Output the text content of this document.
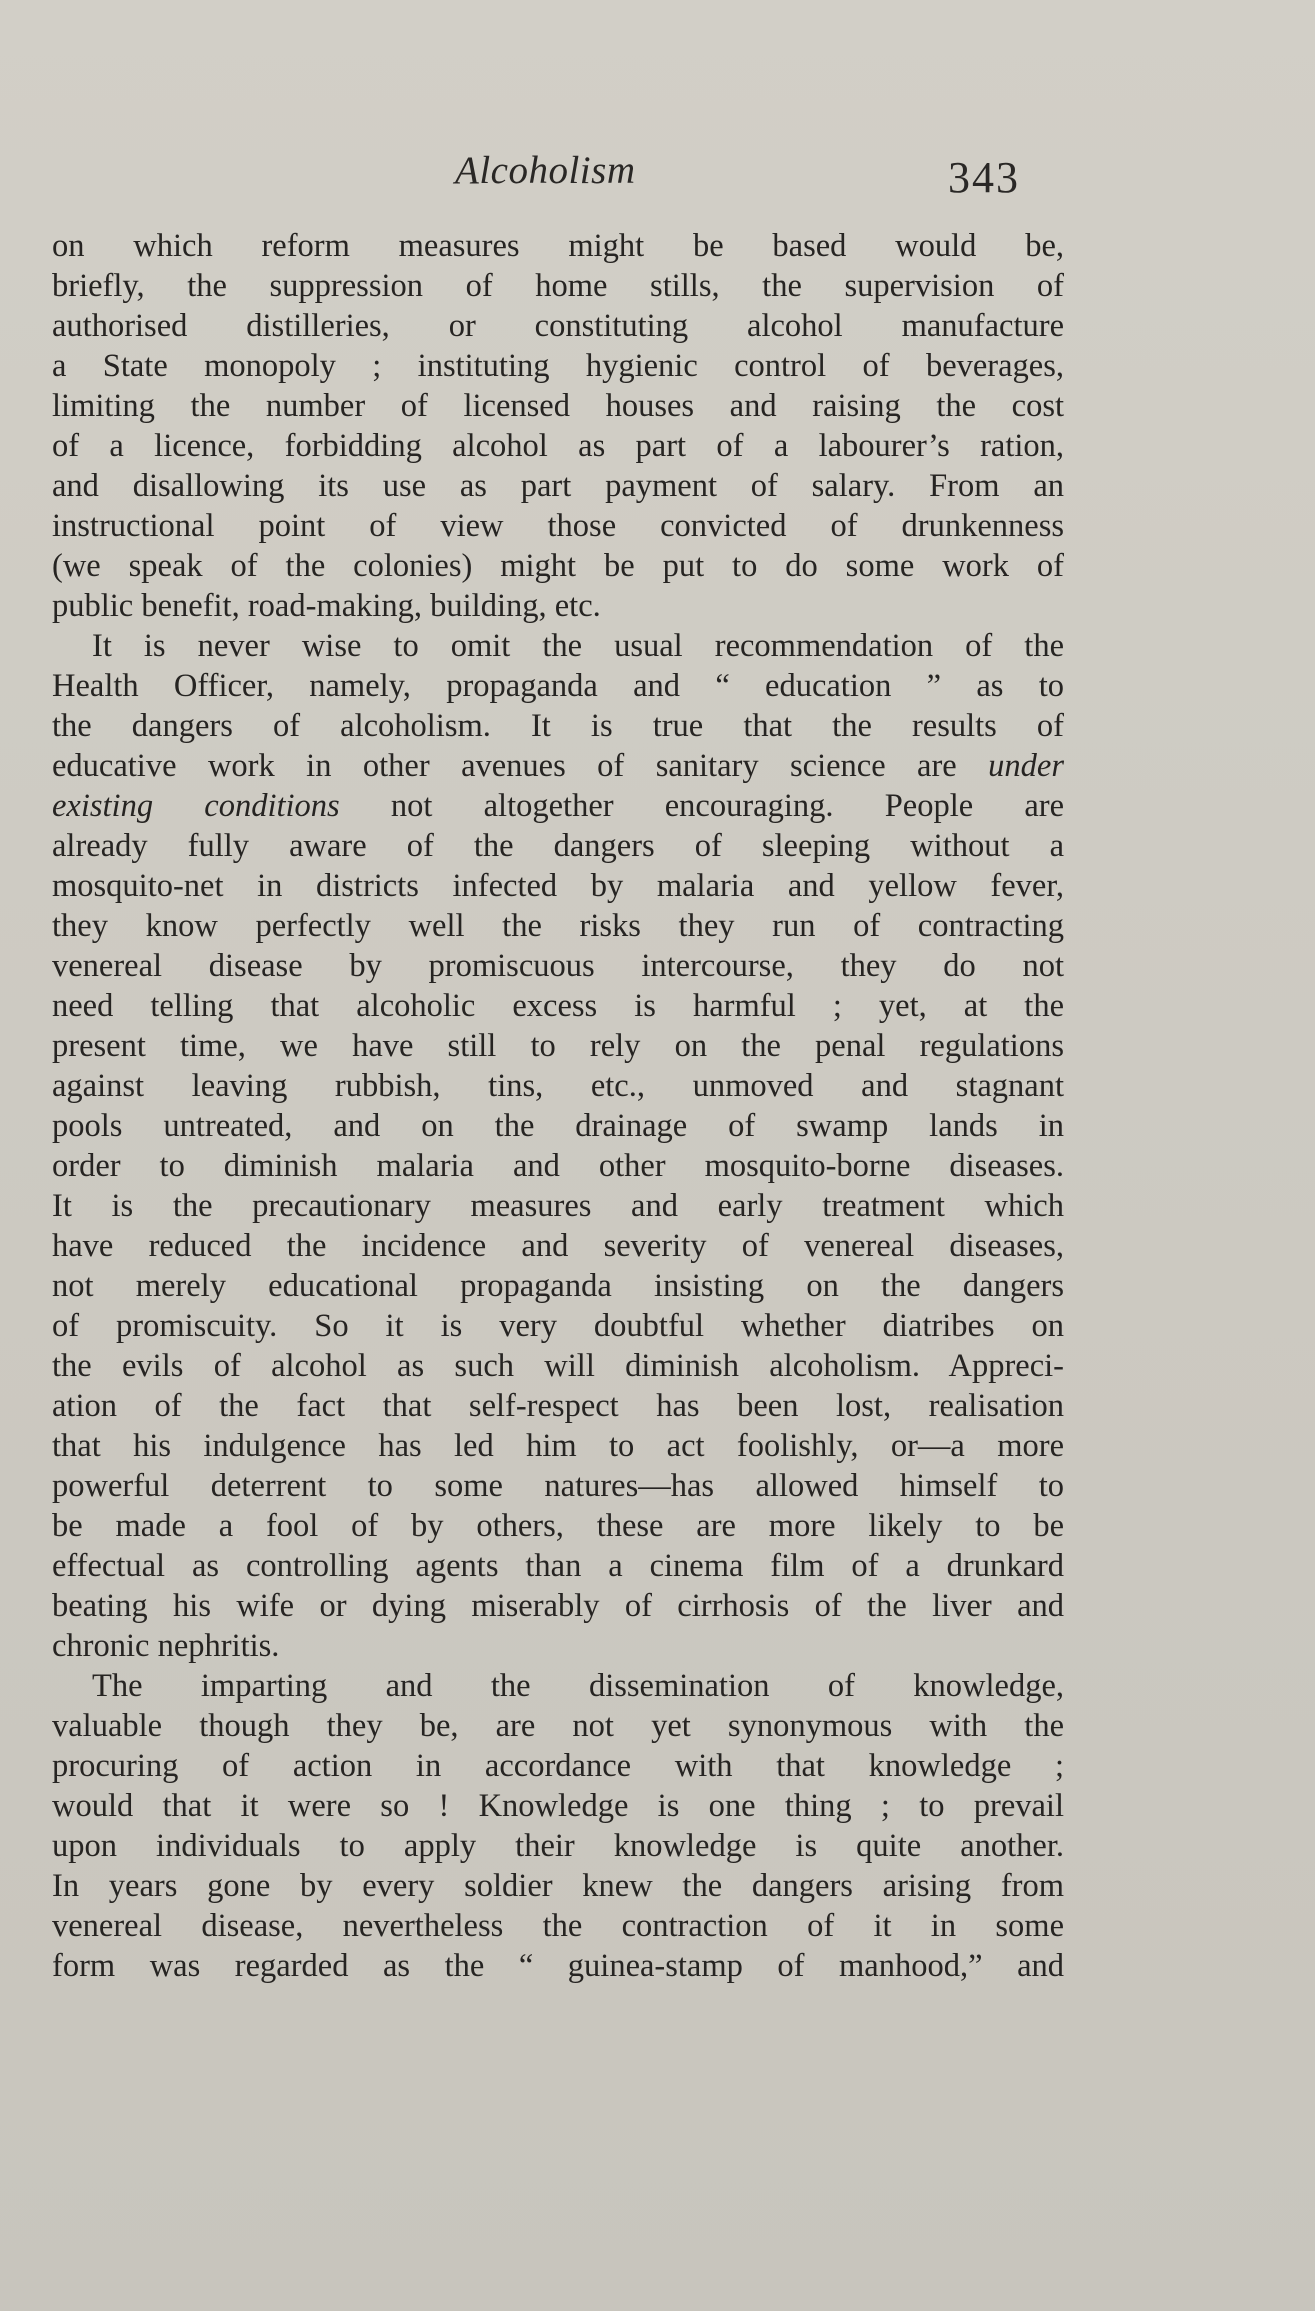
Alcoholism	343
on which reform measures might be based would be,
briefly, the suppression of home stills, the supervision of
authorised distilleries, or constituting alcohol manufacture
a State monopoly ; instituting hygienic control of beverages,
limiting the number of licensed houses and raising the cost
of a licence, forbidding alcohol as part of a labourer’s ration,
and disallowing its use as part payment of salary. From an
instructional point of view those convicted of drunkenness
(we speak of the colonies) might be put to do some work of
public benefit, road-making, building, etc.
It is never wise to omit the usual recommendation of the
Health Officer, namely, propaganda and “ education ” as to
the dangers of alcoholism. It is true that the results of
educative work in other avenues of sanitary science are under
existing conditions not altogether encouraging. People are
already fully aware of the dangers of sleeping without a
mosquito-net in districts infected by malaria and yellow fever,
they know perfectly well the risks they run of contracting
venereal disease by promiscuous intercourse, they do not
need telling that alcoholic excess is harmful ; yet, at the
present time, we have still to rely on the penal regulations
against leaving rubbish, tins, etc., unmoved and stagnant
pools untreated, and on the drainage of swamp lands in
order to diminish malaria and other mosquito-borne diseases.
It is the precautionary measures and early treatment which
have reduced the incidence and severity of venereal diseases,
not merely educational propaganda insisting on the dangers
of promiscuity. So it is very doubtful whether diatribes on
the evils of alcohol as such will diminish alcoholism. Appreci-
ation of the fact that self-respect has been lost, realisation
that his indulgence has led him to act foolishly, or—a more
powerful deterrent to some natures—has allowed himself to
be made a fool of by others, these are more likely to be
effectual as controlling agents than a cinema film of a drunkard
beating his wife or dying miserably of cirrhosis of the liver and
chronic nephritis.
The imparting and the dissemination of knowledge,
valuable though they be, are not yet synonymous with the
procuring of action in accordance with that knowledge ;
would that it were so ! Knowledge is one thing ; to prevail
upon individuals to apply their knowledge is quite another.
In years gone by every soldier knew the dangers arising from
venereal disease, nevertheless the contraction of it in some
form was regarded as the “ guinea-stamp of manhood,” and
